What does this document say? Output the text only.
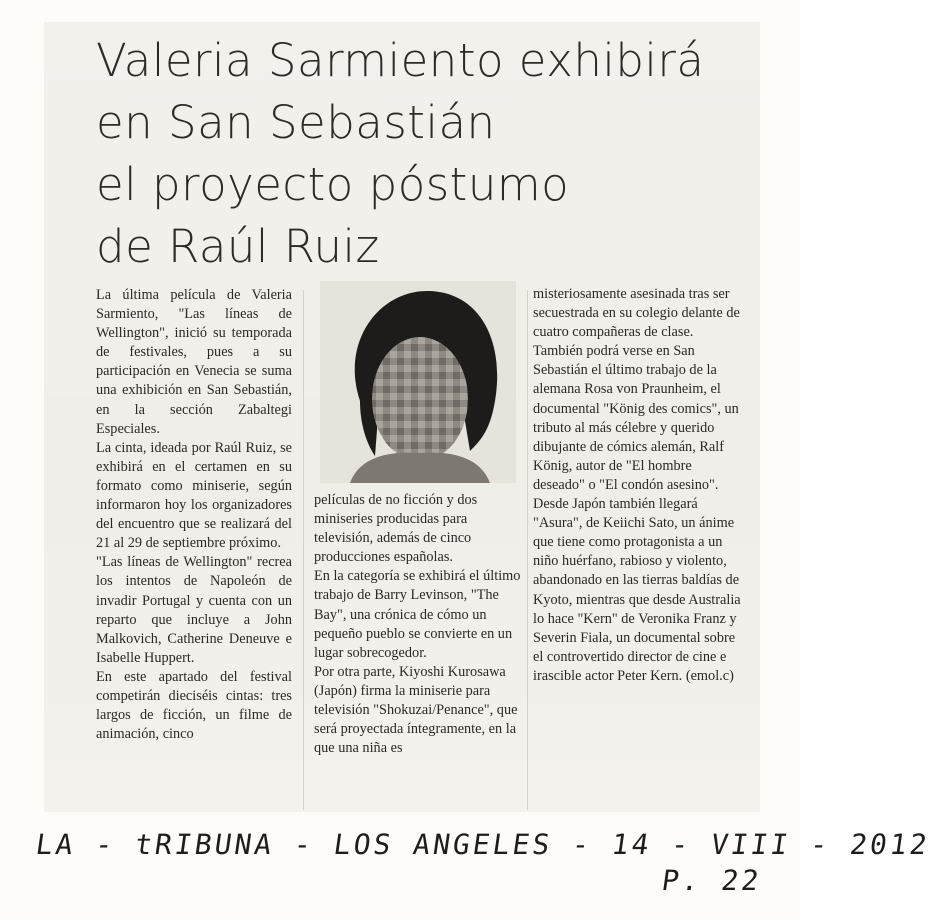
Valeria Sarmiento exhibirá
en San Sebastián
el proyecto póstumo
de Raúl Ruiz

La última película de Valeria Sarmiento, "Las líneas de Wellington", inició su temporada de festivales, pues a su participación en Venecia se suma una exhibición en San Sebastián, en la sección Zabaltegi Especiales.

La cinta, ideada por Raúl Ruiz, se exhibirá en el certamen en su formato como miniserie, según informaron hoy los organizadores del encuentro que se realizará del 21 al 29 de septiembre próximo.

"Las líneas de Wellington" recrea los intentos de Napoleón de invadir Portugal y cuenta con un reparto que incluye a John Malkovich, Catherine Deneuve e Isabelle Huppert.

En este apartado del festival competirán dieciséis cintas: tres largos de ficción, un filme de animación, cinco

películas de no ficción y dos miniseries producidas para televisión, además de cinco producciones españolas.

En la categoría se exhibirá el último trabajo de Barry Levinson, "The Bay", una crónica de cómo un pequeño pueblo se convierte en un lugar sobrecogedor.

Por otra parte, Kiyoshi Kurosawa (Japón) firma la miniserie para televisión "Shokuzai/Penance", que será proyectada íntegramente, en la que una niña es

misteriosamente asesinada tras ser secuestrada en su colegio delante de cuatro compañeras de clase.

También podrá verse en San Sebastián el último trabajo de la alemana Rosa von Praunheim, el documental "König des comics", un tributo al más célebre y querido dibujante de cómics alemán, Ralf König, autor de "El hombre deseado" o "El condón asesino".

Desde Japón también llegará "Asura", de Keiichi Sato, un ánime que tiene como protagonista a un niño huérfano, rabioso y violento, abandonado en las tierras baldías de Kyoto, mientras que desde Australia lo hace "Kern" de Veronika Franz y Severin Fiala, un documental sobre el controvertido director de cine e irascible actor Peter Kern. (emol.c)

LA - tRIBUNA - LOS ANGELES - 14 - VIII - 2012
P. 22
